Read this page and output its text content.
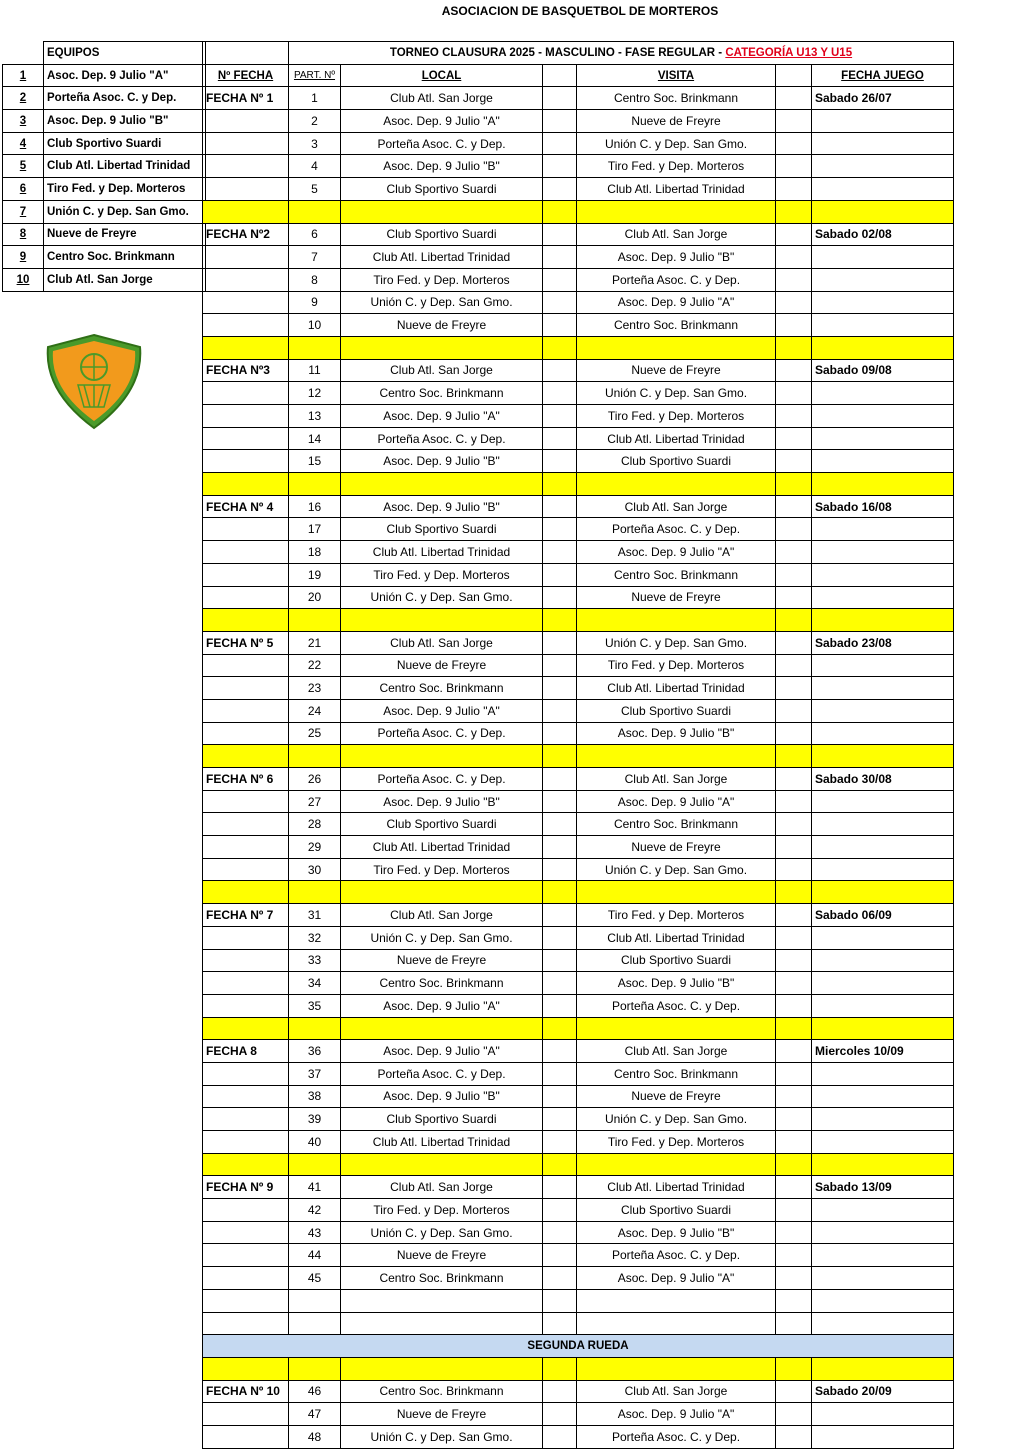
ASOCIACION DE BASQUETBOL DE MORTEROS
	EQUIPOS
1	Asoc. Dep. 9 Julio "A"
2	Porteña Asoc. C. y Dep.
3	Asoc. Dep. 9 Julio "B"
4	Club Sportivo Suardi
5	Club Atl. Libertad Trinidad
6	Tiro Fed. y Dep. Morteros
7	Unión C. y Dep. San Gmo.
8	Nueve de Freyre
9	Centro Soc. Brinkmann
10	Club Atl. San Jorge
	TORNEO CLAUSURA 2025 - MASCULINO - FASE REGULAR - CATEGORÍA U13 Y U15					
Nº FECHA	PART. Nº	LOCAL		VISITA		FECHA JUEGO
FECHA Nº 1	1	Club Atl. San Jorge		Centro Soc. Brinkmann		Sabado 26/07
	2	Asoc. Dep. 9 Julio "A"		Nueve de Freyre		
	3	Porteña Asoc. C. y Dep.		Unión C. y Dep. San Gmo.		
	4	Asoc. Dep. 9 Julio "B"		Tiro Fed. y Dep. Morteros		
	5	Club Sportivo Suardi		Club Atl. Libertad Trinidad		

FECHA Nº2	6	Club Sportivo Suardi		Club Atl. San Jorge		Sabado 02/08
	7	Club Atl. Libertad Trinidad		Asoc. Dep. 9 Julio "B"		
	8	Tiro Fed. y Dep. Morteros		Porteña Asoc. C. y Dep.		
	9	Unión C. y Dep. San Gmo.		Asoc. Dep. 9 Julio "A"		
	10	Nueve de Freyre		Centro Soc. Brinkmann		

FECHA Nº3	11	Club Atl. San Jorge		Nueve de Freyre		Sabado 09/08
	12	Centro Soc. Brinkmann		Unión C. y Dep. San Gmo.		
	13	Asoc. Dep. 9 Julio "A"		Tiro Fed. y Dep. Morteros		
	14	Porteña Asoc. C. y Dep.		Club Atl. Libertad Trinidad		
	15	Asoc. Dep. 9 Julio "B"		Club Sportivo Suardi		

FECHA Nº 4	16	Asoc. Dep. 9 Julio "B"		Club Atl. San Jorge		Sabado 16/08
	17	Club Sportivo Suardi		Porteña Asoc. C. y Dep.		
	18	Club Atl. Libertad Trinidad		Asoc. Dep. 9 Julio "A"		
	19	Tiro Fed. y Dep. Morteros		Centro Soc. Brinkmann		
	20	Unión C. y Dep. San Gmo.		Nueve de Freyre		

FECHA Nº 5	21	Club Atl. San Jorge		Unión C. y Dep. San Gmo.		Sabado 23/08
	22	Nueve de Freyre		Tiro Fed. y Dep. Morteros		
	23	Centro Soc. Brinkmann		Club Atl. Libertad Trinidad		
	24	Asoc. Dep. 9 Julio "A"		Club Sportivo Suardi		
	25	Porteña Asoc. C. y Dep.		Asoc. Dep. 9 Julio "B"		

FECHA Nº 6	26	Porteña Asoc. C. y Dep.		Club Atl. San Jorge		Sabado 30/08
	27	Asoc. Dep. 9 Julio "B"		Asoc. Dep. 9 Julio "A"		
	28	Club Sportivo Suardi		Centro Soc. Brinkmann		
	29	Club Atl. Libertad Trinidad		Nueve de Freyre		
	30	Tiro Fed. y Dep. Morteros		Unión C. y Dep. San Gmo.		

FECHA Nº 7	31	Club Atl. San Jorge		Tiro Fed. y Dep. Morteros		Sabado 06/09
	32	Unión C. y Dep. San Gmo.		Club Atl. Libertad Trinidad		
	33	Nueve de Freyre		Club Sportivo Suardi		
	34	Centro Soc. Brinkmann		Asoc. Dep. 9 Julio "B"		
	35	Asoc. Dep. 9 Julio "A"		Porteña Asoc. C. y Dep.		

FECHA 8	36	Asoc. Dep. 9 Julio "A"		Club Atl. San Jorge		Miercoles 10/09
	37	Porteña Asoc. C. y Dep.		Centro Soc. Brinkmann		
	38	Asoc. Dep. 9 Julio "B"		Nueve de Freyre		
	39	Club Sportivo Suardi		Unión C. y Dep. San Gmo.		
	40	Club Atl. Libertad Trinidad		Tiro Fed. y Dep. Morteros		

FECHA Nº 9	41	Club Atl. San Jorge		Club Atl. Libertad Trinidad		Sabado 13/09
	42	Tiro Fed. y Dep. Morteros		Club Sportivo Suardi		
	43	Unión C. y Dep. San Gmo.		Asoc. Dep. 9 Julio "B"		
	44	Nueve de Freyre		Porteña Asoc. C. y Dep.		
	45	Centro Soc. Brinkmann		Asoc. Dep. 9 Julio "A"		

SEGUNDA RUEDA						

FECHA Nº 10	46	Centro Soc. Brinkmann		Club Atl. San Jorge		Sabado 20/09
	47	Nueve de Freyre		Asoc. Dep. 9 Julio "A"		
	48	Unión C. y Dep. San Gmo.		Porteña Asoc. C. y Dep.		
